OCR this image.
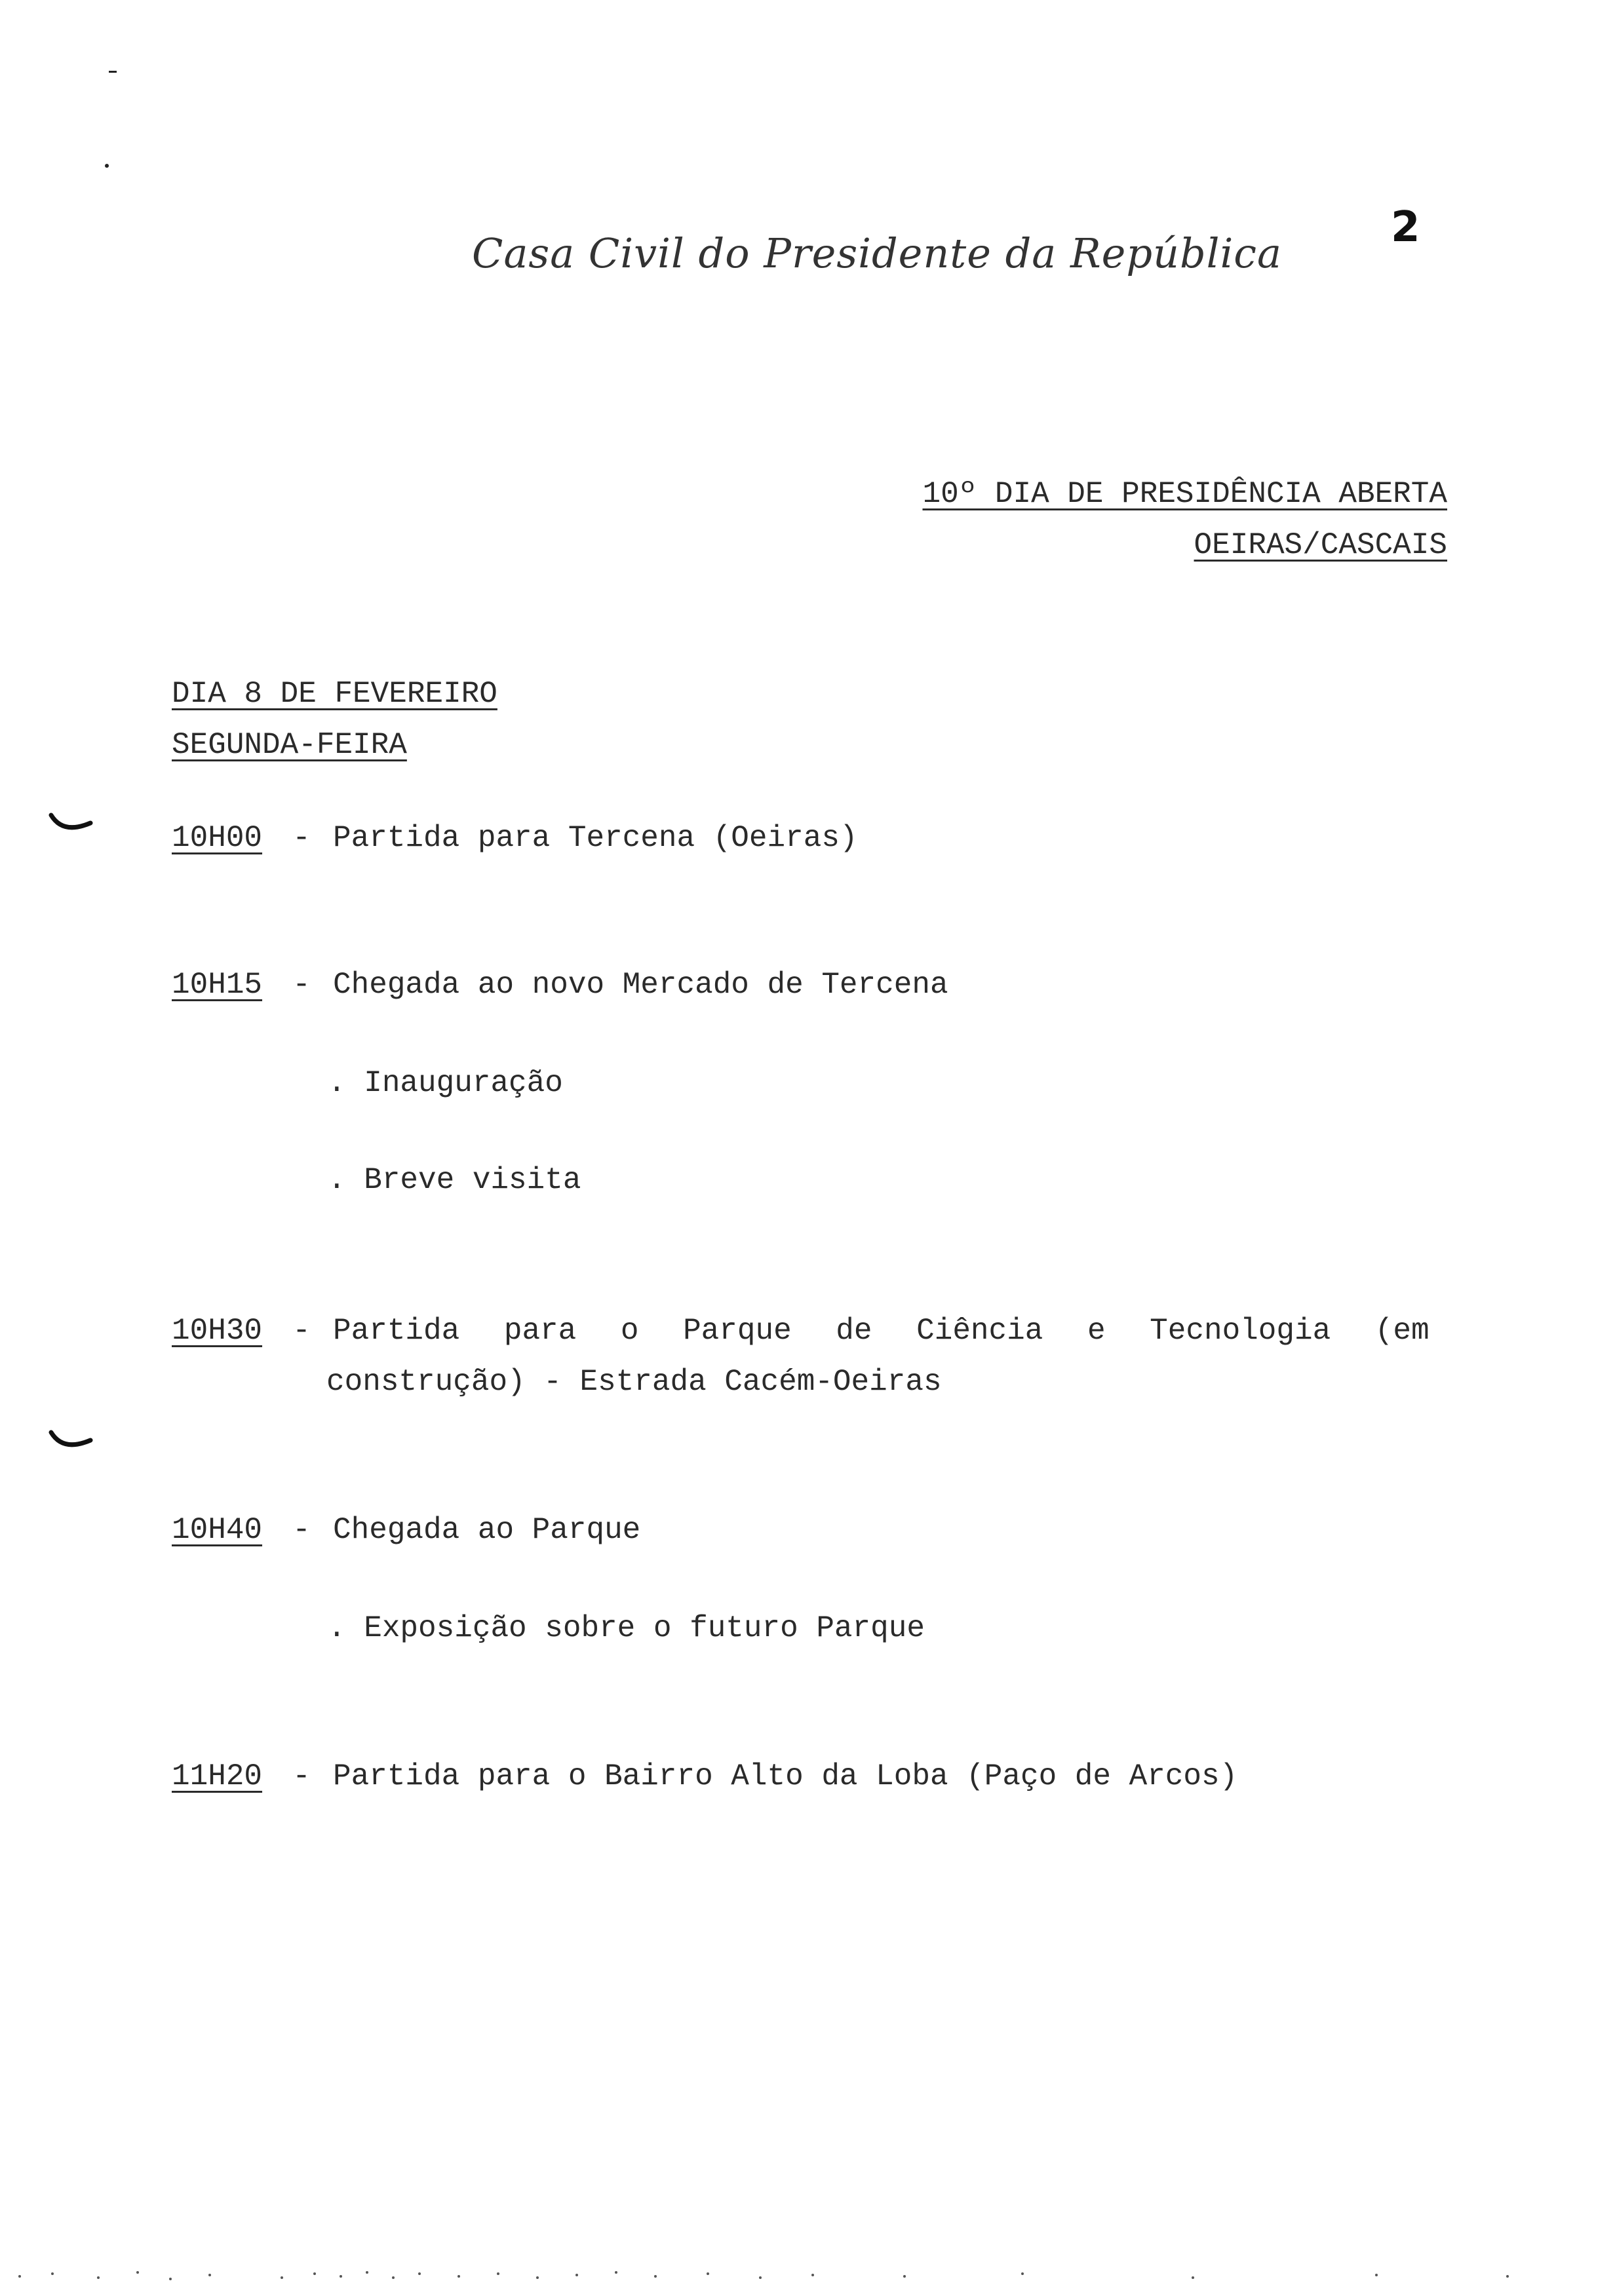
Casa Civil do Presidente da República
2
10º DIA DE PRESIDÊNCIA ABERTA
OEIRAS/CASCAIS
DIA 8 DE FEVEREIRO
SEGUNDA-FEIRA
10H00 - Partida para Tercena (Oeiras)
10H15 - Chegada ao novo Mercado de Tercena
. Inauguração
. Breve visita
10H30 - Partida para o Parque de Ciência e Tecnologia (em
construção) - Estrada Cacém-Oeiras
10H40 - Chegada ao Parque
. Exposição sobre o futuro Parque
11H20 - Partida para o Bairro Alto da Loba (Paço de Arcos)
